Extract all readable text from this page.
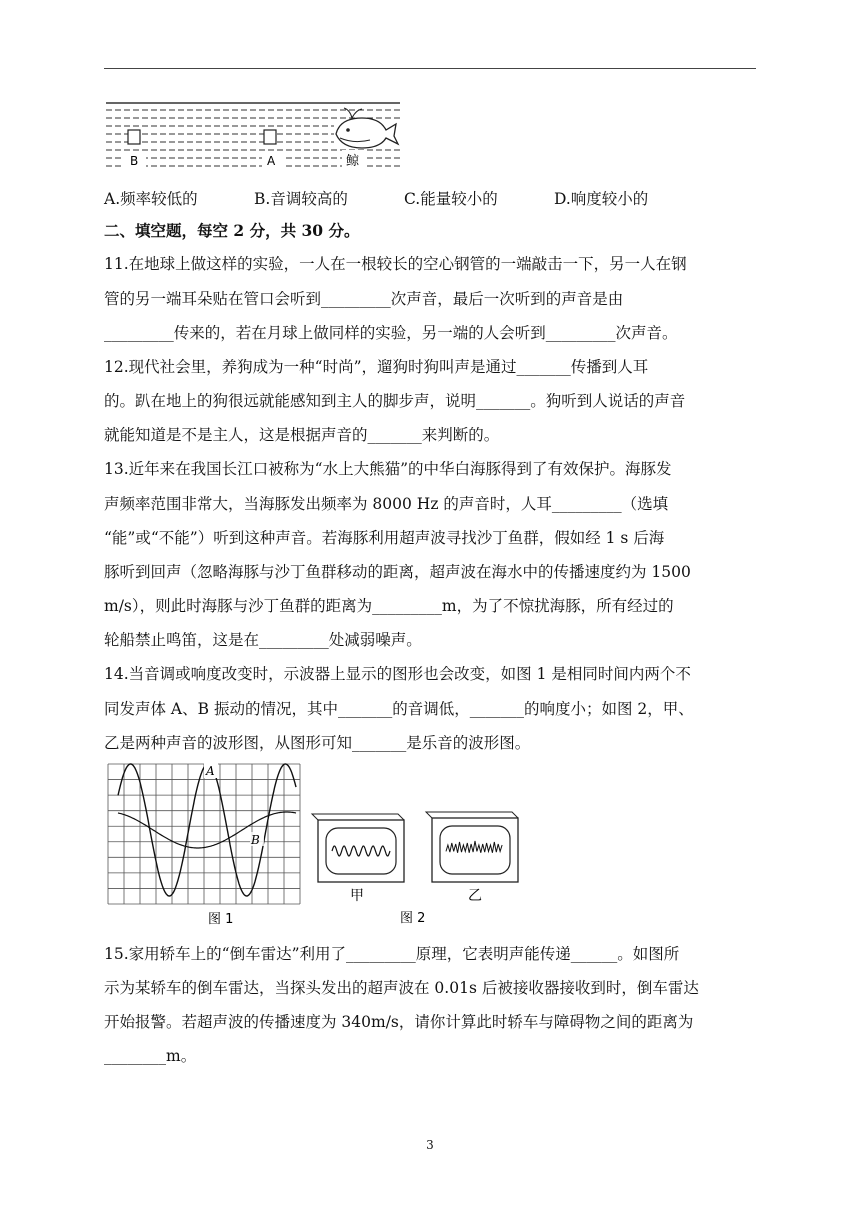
B	A	鲸
A.频率较低的	B.音调较高的	C.能量较小的	D.响度较小的
二、填空题，每空 2 分，共 30 分。
11.在地球上做这样的实验，一人在一根较长的空心钢管的一端敲击一下，另一人在钢
管的另一端耳朵贴在管口会听到_________次声音，最后一次听到的声音是由
_________传来的，若在月球上做同样的实验，另一端的人会听到_________次声音。
12.现代社会里，养狗成为一种“时尚”，遛狗时狗叫声是通过_______传播到人耳
的。趴在地上的狗很远就能感知到主人的脚步声，说明_______。狗听到人说话的声音
就能知道是不是主人，这是根据声音的_______来判断的。
13.近年来在我国长江口被称为“水上大熊猫”的中华白海豚得到了有效保护。海豚发
声频率范围非常大，当海豚发出频率为 8000 Hz 的声音时，人耳_________（选填
“能”或“不能”）听到这种声音。若海豚利用超声波寻找沙丁鱼群，假如经 1 s 后海
豚听到回声（忽略海豚与沙丁鱼群移动的距离，超声波在海水中的传播速度约为 1500
m/s），则此时海豚与沙丁鱼群的距离为_________m，为了不惊扰海豚，所有经过的
轮船禁止鸣笛，这是在_________处减弱噪声。
14.当音调或响度改变时，示波器上显示的图形也会改变，如图 1 是相同时间内两个不
同发声体 A、B 振动的情况，其中_______的音调低，_______的响度小；如图 2，甲、
乙是两种声音的波形图，从图形可知_______是乐音的波形图。
A
B
图 1
甲	乙
图 2
15.家用轿车上的“倒车雷达”利用了_________原理，它表明声能传递______。如图所
示为某轿车的倒车雷达，当探头发出的超声波在 0.01s 后被接收器接收到时，倒车雷达
开始报警。若超声波的传播速度为 340m/s，请你计算此时轿车与障碍物之间的距离为
________m。
3
